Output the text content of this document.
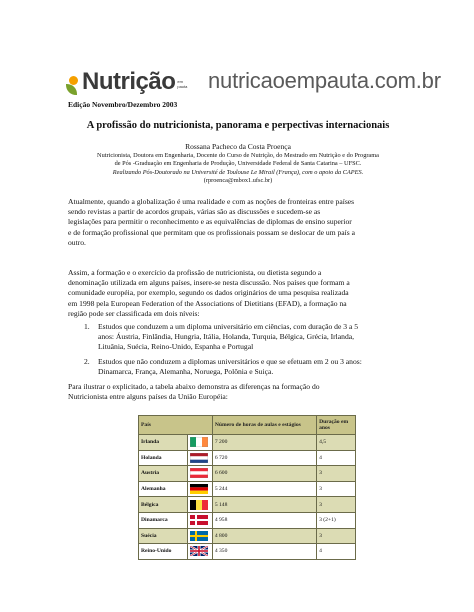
Nutrição em pauta nutricaoempauta.com.br
Edição Novembro/Dezembro 2003
A profissão do nutricionista, panorama e perpectivas internacionais
Rossana Pacheco da Costa Proença
Nutricionista, Doutora em Engenharia, Docente do Curso de Nutrição, do Mestrado em Nutrição e do Programa
de Pós -Graduação em Engenharia de Produção, Universidade Federal de Santa Catarina – UFSC.
Realizando Pós-Doutorado na Université de Toulouse Le Mirail (França), com o apoio da CAPES.
(rproenca@mbox1.ufsc.br)
Atualmente, quando a globalização é uma realidade e com as noções de fronteiras entre países
sendo revistas a partir de acordos grupais, várias são as discussões e sucedem-se as
legislações para permitir o reconhecimento e as equivalências de diplomas de ensino superior
e de formação profissional que permitam que os profissionais possam se deslocar de um país a
outro.
Assim, a formação e o exercício da profissão de nutricionista, ou dietista segundo a
denominação utilizada em alguns países, insere-se nesta discussão. Nos países que formam a
comunidade européia, por exemplo, segundo os dados originários de uma pesquisa realizada
em 1998 pela European Federation of the Associations of Dietitians (EFAD), a formação na
região pode ser classificada em dois níveis:
1. Estudos que conduzem a um diploma universitário em ciências, com duração de 3 a 5
anos: Áustria, Finlândia, Hungria, Itália, Holanda, Turquia, Bélgica, Grécia, Irlanda,
Lituânia, Suécia, Reino-Unido, Espanha e Portugal
2. Estudos que não conduzem a diplomas universitários e que se efetuam em 2 ou 3 anos:
Dinamarca, França, Alemanha, Noruega, Polônia e Suiça.
Para ilustrar o explicitado, a tabela abaixo demonstra as diferenças na formação do
Nutricionista entre alguns países da União Européia:
País		Número de horas de aulas e estágios	Duração em anos
Irlanda		7 200	4,5
Holanda		6 720	4
Austria		6 600	3
Alemanha		5 244	3
Bélgica		5 148	3
Dinamarca		4 958	3 (2+1)
Suécia		4 800	3
Reino-Unido		4 350	4
